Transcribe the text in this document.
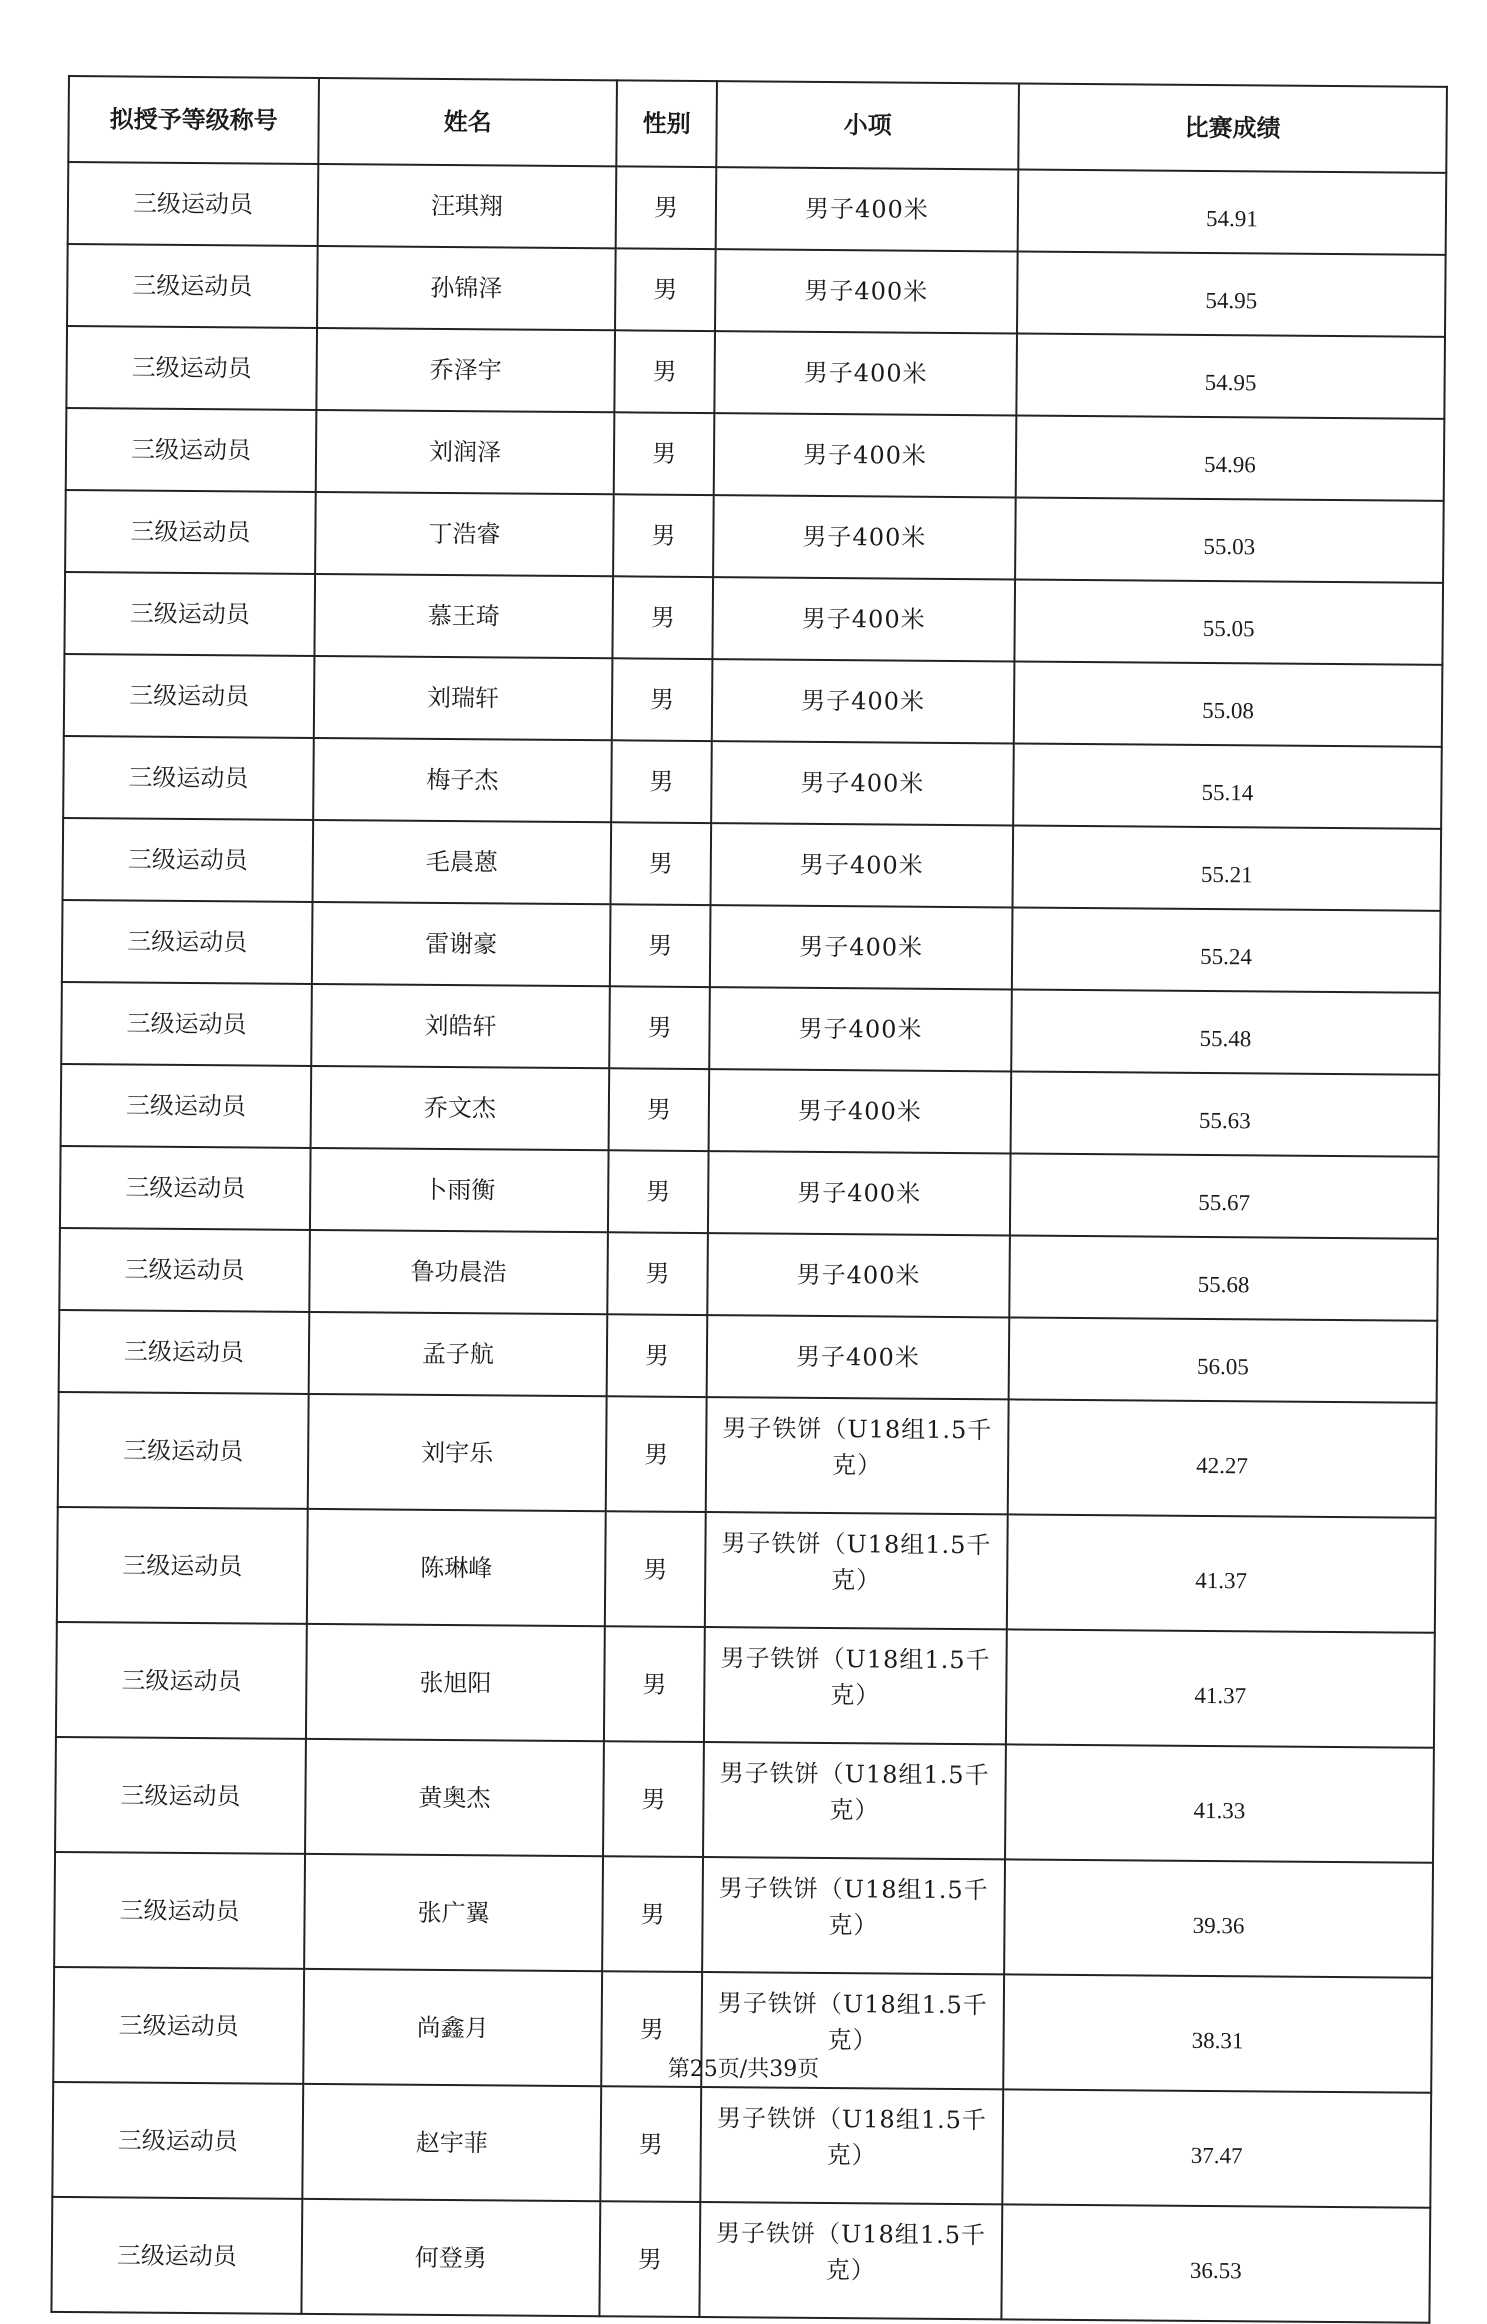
拟授予等级称号	姓名	性别	小项	比赛成绩
三级运动员	汪琪翔	男	男子400米	54.91
三级运动员	孙锦泽	男	男子400米	54.95
三级运动员	乔泽宇	男	男子400米	54.95
三级运动员	刘润泽	男	男子400米	54.96
三级运动员	丁浩睿	男	男子400米	55.03
三级运动员	慕王琦	男	男子400米	55.05
三级运动员	刘瑞轩	男	男子400米	55.08
三级运动员	梅子杰	男	男子400米	55.14
三级运动员	毛晨蒽	男	男子400米	55.21
三级运动员	雷谢豪	男	男子400米	55.24
三级运动员	刘皓轩	男	男子400米	55.48
三级运动员	乔文杰	男	男子400米	55.63
三级运动员	卜雨衡	男	男子400米	55.67
三级运动员	鲁功晨浩	男	男子400米	55.68
三级运动员	孟子航	男	男子400米	56.05
三级运动员	刘宇乐	男	男子铁饼（U18组1.5千克）	42.27
三级运动员	陈琳峰	男	男子铁饼（U18组1.5千克）	41.37
三级运动员	张旭阳	男	男子铁饼（U18组1.5千克）	41.37
三级运动员	黄奥杰	男	男子铁饼（U18组1.5千克）	41.33
三级运动员	张广翼	男	男子铁饼（U18组1.5千克）	39.36
三级运动员	尚鑫月	男	男子铁饼（U18组1.5千克）	38.31
三级运动员	赵宇菲	男	男子铁饼（U18组1.5千克）	37.47
三级运动员	何登勇	男	男子铁饼（U18组1.5千克）	36.53
第25页/共39页
